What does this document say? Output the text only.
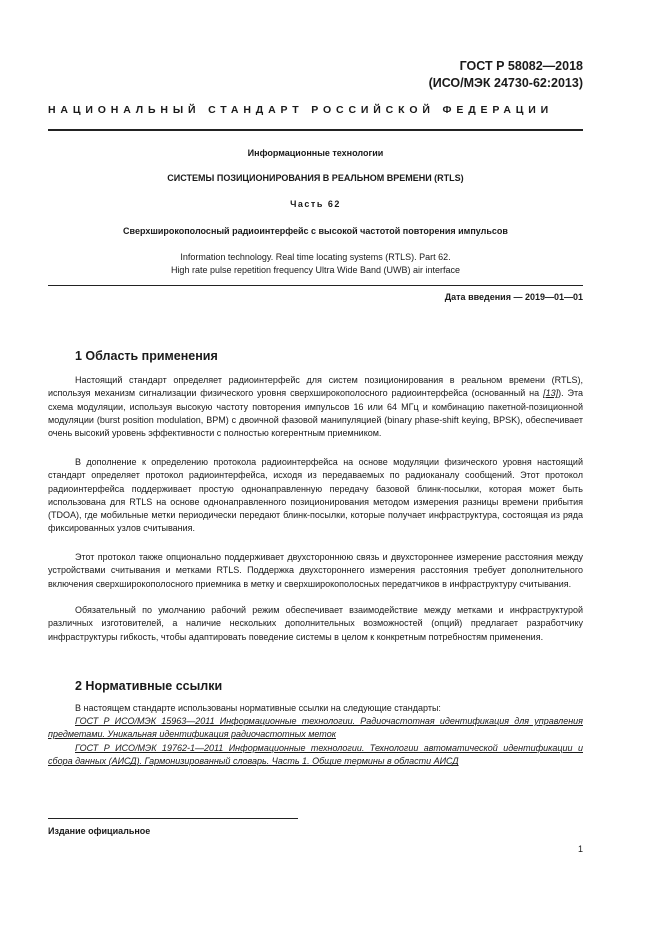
ГОСТ Р 58082—2018
(ИСО/МЭК 24730-62:2013)
НАЦИОНАЛЬНЫЙ СТАНДАРТ РОССИЙСКОЙ ФЕДЕРАЦИИ
Информационные технологии
СИСТЕМЫ ПОЗИЦИОНИРОВАНИЯ В РЕАЛЬНОМ ВРЕМЕНИ (RTLS)
Часть 62
Сверхширокополосный радиоинтерфейс с высокой частотой повторения импульсов
Information technology. Real time locating systems (RTLS). Part 62.
High rate pulse repetition frequency Ultra Wide Band (UWB) air interface
Дата введения — 2019—01—01
1 Область применения
Настоящий стандарт определяет радиоинтерфейс для систем позиционирования в реальном времени (RTLS), используя механизм сигнализации физического уровня сверхширокополосного радиоинтерфейса (основанный на [13]). Эта схема модуляции, используя высокую частоту повторения импульсов 16 или 64 МГц и комбинацию пакетной-позиционной модуляции (burst position modulation, BPM) с двоичной фазовой манипуляцией (binary phase-shift keying, BPSK), обеспечивает очень высокий уровень эффективности с полностью когерентным приемником.
В дополнение к определению протокола радиоинтерфейса на основе модуляции физического уровня настоящий стандарт определяет протокол радиоинтерфейса, исходя из передаваемых по радиоканалу сообщений. Этот протокол радиоинтерфейса поддерживает простую однонаправленную передачу базовой блинк-посылки, которая может быть использована для RTLS на основе однонаправленного позиционирования методом измерения разницы времени прибытия (TDOA), где мобильные метки периодически передают блинк-посылки, которые получает инфраструктура, состоящая из ряда фиксированных узлов считывания.
Этот протокол также опционально поддерживает двухстороннюю связь и двухстороннее измерение расстояния между устройствами считывания и метками RTLS. Поддержка двухстороннего измерения расстояния требует дополнительного включения сверхширокополосного приемника в метку и сверхширокополосных передатчиков в инфраструктуру считывания.
Обязательный по умолчанию рабочий режим обеспечивает взаимодействие между метками и инфраструктурой различных изготовителей, а наличие нескольких дополнительных возможностей (опций) предлагает разработчику инфраструктуры гибкость, чтобы адаптировать поведение системы в целом к конкретным потребностям применения.
2 Нормативные ссылки
В настоящем стандарте использованы нормативные ссылки на следующие стандарты:
ГОСТ Р ИСО/МЭК 15963—2011 Информационные технологии. Радиочастотная идентификация для управления предметами. Уникальная идентификация радиочастотных меток
ГОСТ Р ИСО/МЭК 19762-1—2011 Информационные технологии. Технологии автоматической идентификации и сбора данных (АИСД). Гармонизированный словарь. Часть 1. Общие термины в области АИСД
Издание официальное
1
